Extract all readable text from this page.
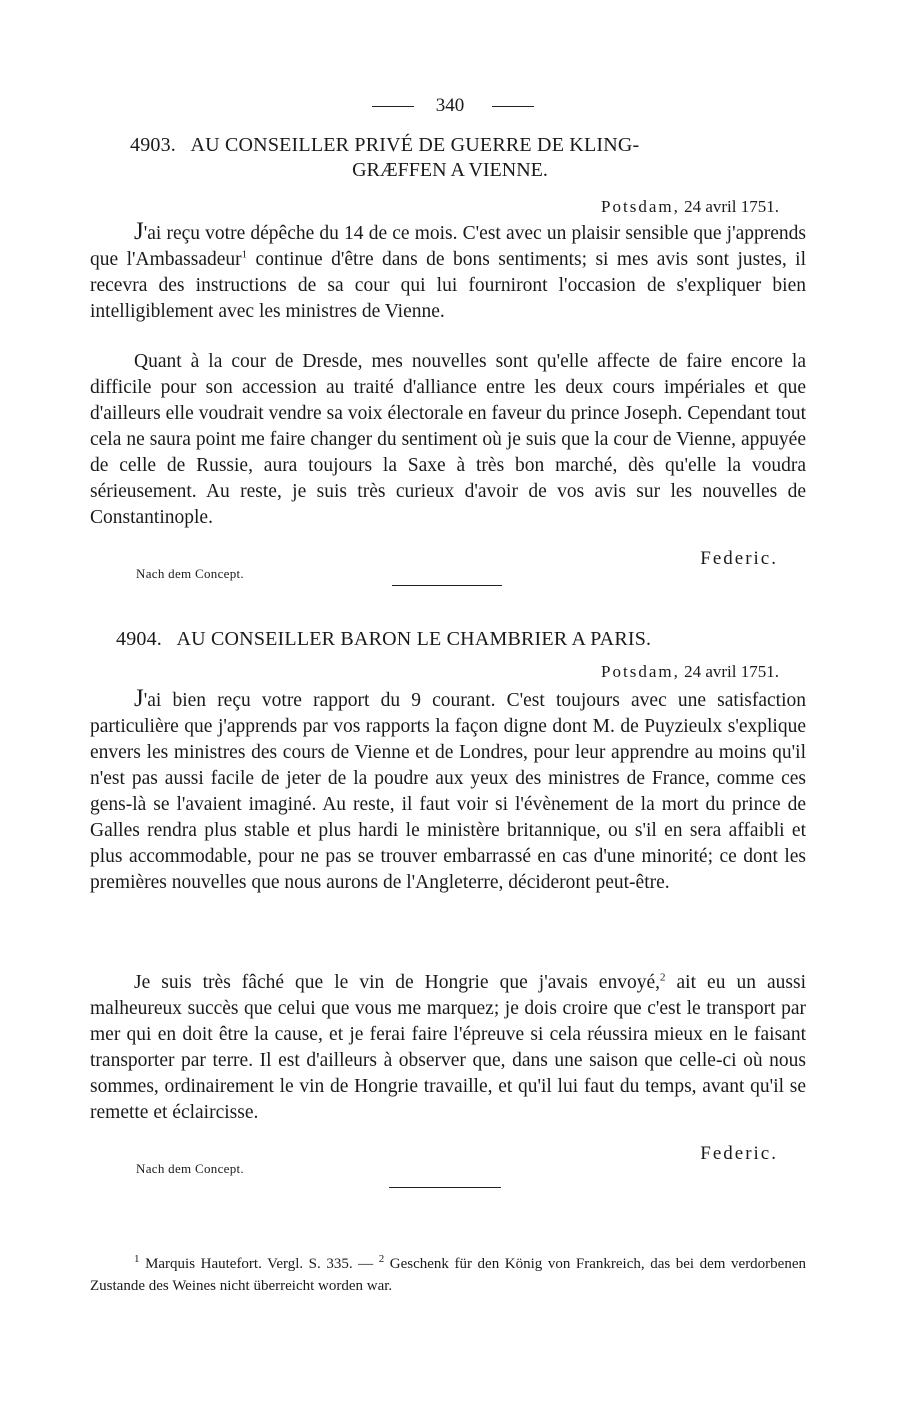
340
4903. AU CONSEILLER PRIVÉ DE GUERRE DE KLING-
GRÆFFEN A VIENNE.
Potsdam, 24 avril 1751.

J'ai reçu votre dépêche du 14 de ce mois. C'est avec un plaisir sensible que j'apprends que l'Ambassadeur$^1$ continue d'être dans de bons sentiments; si mes avis sont justes, il recevra des instructions de sa cour qui lui fourniront l'occasion de s'expliquer bien intelligiblement avec les ministres de Vienne.

Quant à la cour de Dresde, mes nouvelles sont qu'elle affecte de faire encore la difficile pour son accession au traité d'alliance entre les deux cours impériales et que d'ailleurs elle voudrait vendre sa voix électorale en faveur du prince Joseph. Cependant tout cela ne saura point me faire changer du sentiment où je suis que la cour de Vienne, appuyée de celle de Russie, aura toujours la Saxe à très bon marché, dès qu'elle la voudra sérieusement. Au reste, je suis très curieux d'avoir de vos avis sur les nouvelles de Constantinople.

Federic.
Nach dem Concept.
4904. AU CONSEILLER BARON LE CHAMBRIER A PARIS.
Potsdam, 24 avril 1751.

J'ai bien reçu votre rapport du 9 courant. C'est toujours avec une satisfaction particulière que j'apprends par vos rapports la façon digne dont M. de Puyzieulx s'explique envers les ministres des cours de Vienne et de Londres, pour leur apprendre au moins qu'il n'est pas aussi facile de jeter de la poudre aux yeux des ministres de France, comme ces gens-là se l'avaient imaginé. Au reste, il faut voir si l'évènement de la mort du prince de Galles rendra plus stable et plus hardi le ministère britannique, ou s'il en sera affaibli et plus accommodable, pour ne pas se trouver embarrassé en cas d'une minorité; ce dont les premières nouvelles que nous aurons de l'Angleterre, décideront peut-être.

Je suis très fâché que le vin de Hongrie que j'avais envoyé,$^2$ ait eu un aussi malheureux succès que celui que vous me marquez; je dois croire que c'est le transport par mer qui en doit être la cause, et je ferai faire l'épreuve si cela réussira mieux en le faisant transporter par terre. Il est d'ailleurs à observer que, dans une saison que celle-ci où nous sommes, ordinairement le vin de Hongrie travaille, et qu'il lui faut du temps, avant qu'il se remette et éclaircisse.

Federic.
Nach dem Concept.
$^1$ Marquis Hautefort. Vergl. S. 335. — $^2$ Geschenk für den König von Frankreich, das bei dem verdorbenen Zustande des Weines nicht überreicht worden war.
